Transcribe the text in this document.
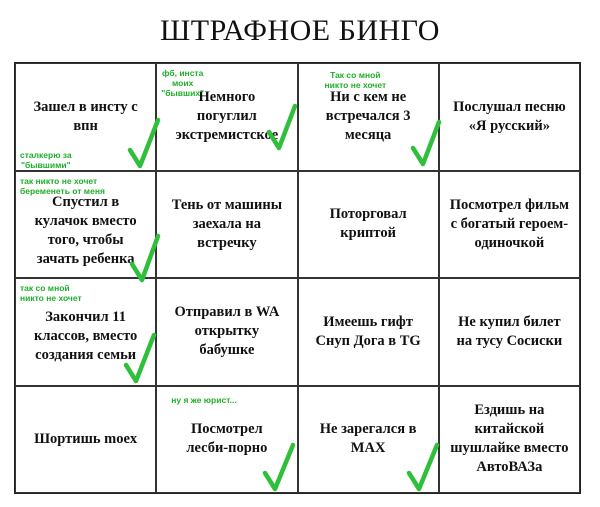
ШТРАФНОЕ БИНГО
Зашел в инсту с
впн
сталкерю за
"бывшими"
Немного
погуглил
экстремистское
фб, инста
моих
"бывших"	Ни с кем не
встречался 3
месяца
Так со мной
никто не хочет
Послушал песню
«Я русский»
Спустил в
кулачок вместо
того, чтобы
зачать ребенка
так никто не хочет
беременеть от меня
Тень от машины
заехала на
встречку
Поторговал
криптой
Посмотрел фильм
с богатый героем-
одиночкой
Закончил 11
классов, вместо
создания семьи
так со мной
никто не хочет
Отправил в WA
открытку
бабушке
Имеешь гифт
Снуп Дога в TG
Не купил билет
на тусу Сосиски
Шортишь moex
Посмотрел
лесби-порно
ну я же юрист...
Не зарегался в
MAX
Ездишь на
китайской
шушлайке вместо
АвтоВАЗа
